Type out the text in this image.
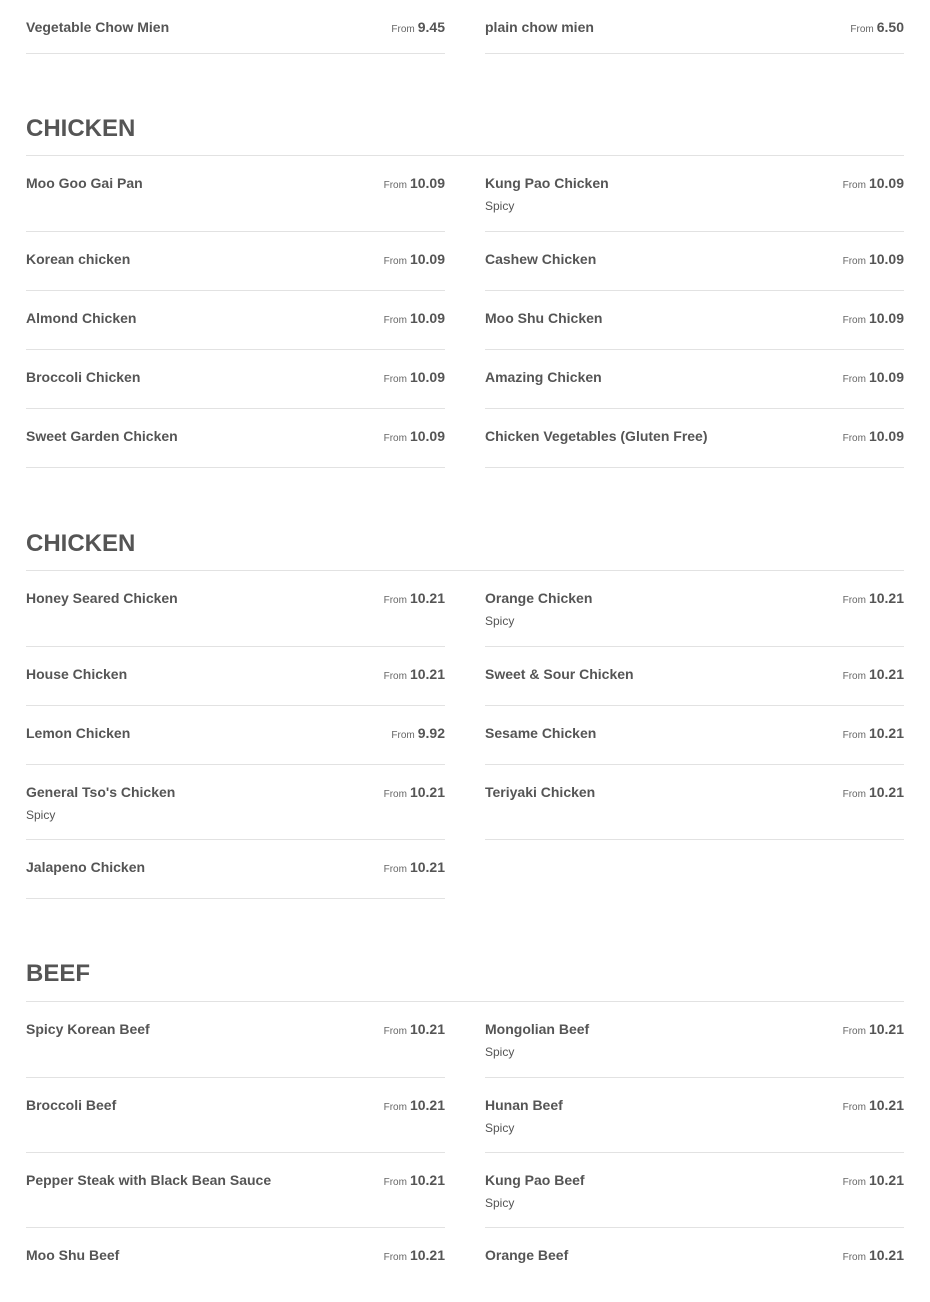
Vegetable Chow Mien	From 9.45	plain chow mien	From 6.50
CHICKEN
Moo Goo Gai Pan	From 10.09
Korean chicken	From 10.09
Almond Chicken	From 10.09
Broccoli Chicken	From 10.09
Sweet Garden Chicken	From 10.09
Kung Pao Chicken
Spicy
From 10.09
Cashew Chicken	From 10.09
Moo Shu Chicken	From 10.09
Amazing Chicken	From 10.09
Chicken Vegetables (Gluten Free)	From 10.09
CHICKEN
Honey Seared Chicken	From 10.21
House Chicken	From 10.21
Lemon Chicken	From 9.92
General Tso's Chicken
Spicy
From 10.21
Jalapeno Chicken	From 10.21
Orange Chicken
Spicy
From 10.21
Sweet & Sour Chicken	From 10.21
Sesame Chicken	From 10.21
Teriyaki Chicken	From 10.21
BEEF
Spicy Korean Beef	From 10.21
Broccoli Beef	From 10.21
Pepper Steak with Black Bean Sauce	From 10.21
Moo Shu Beef	From 10.21
Mongolian Beef
Spicy
From 10.21
Hunan Beef
Spicy
From 10.21
Kung Pao Beef
Spicy
From 10.21
Orange Beef	From 10.21
